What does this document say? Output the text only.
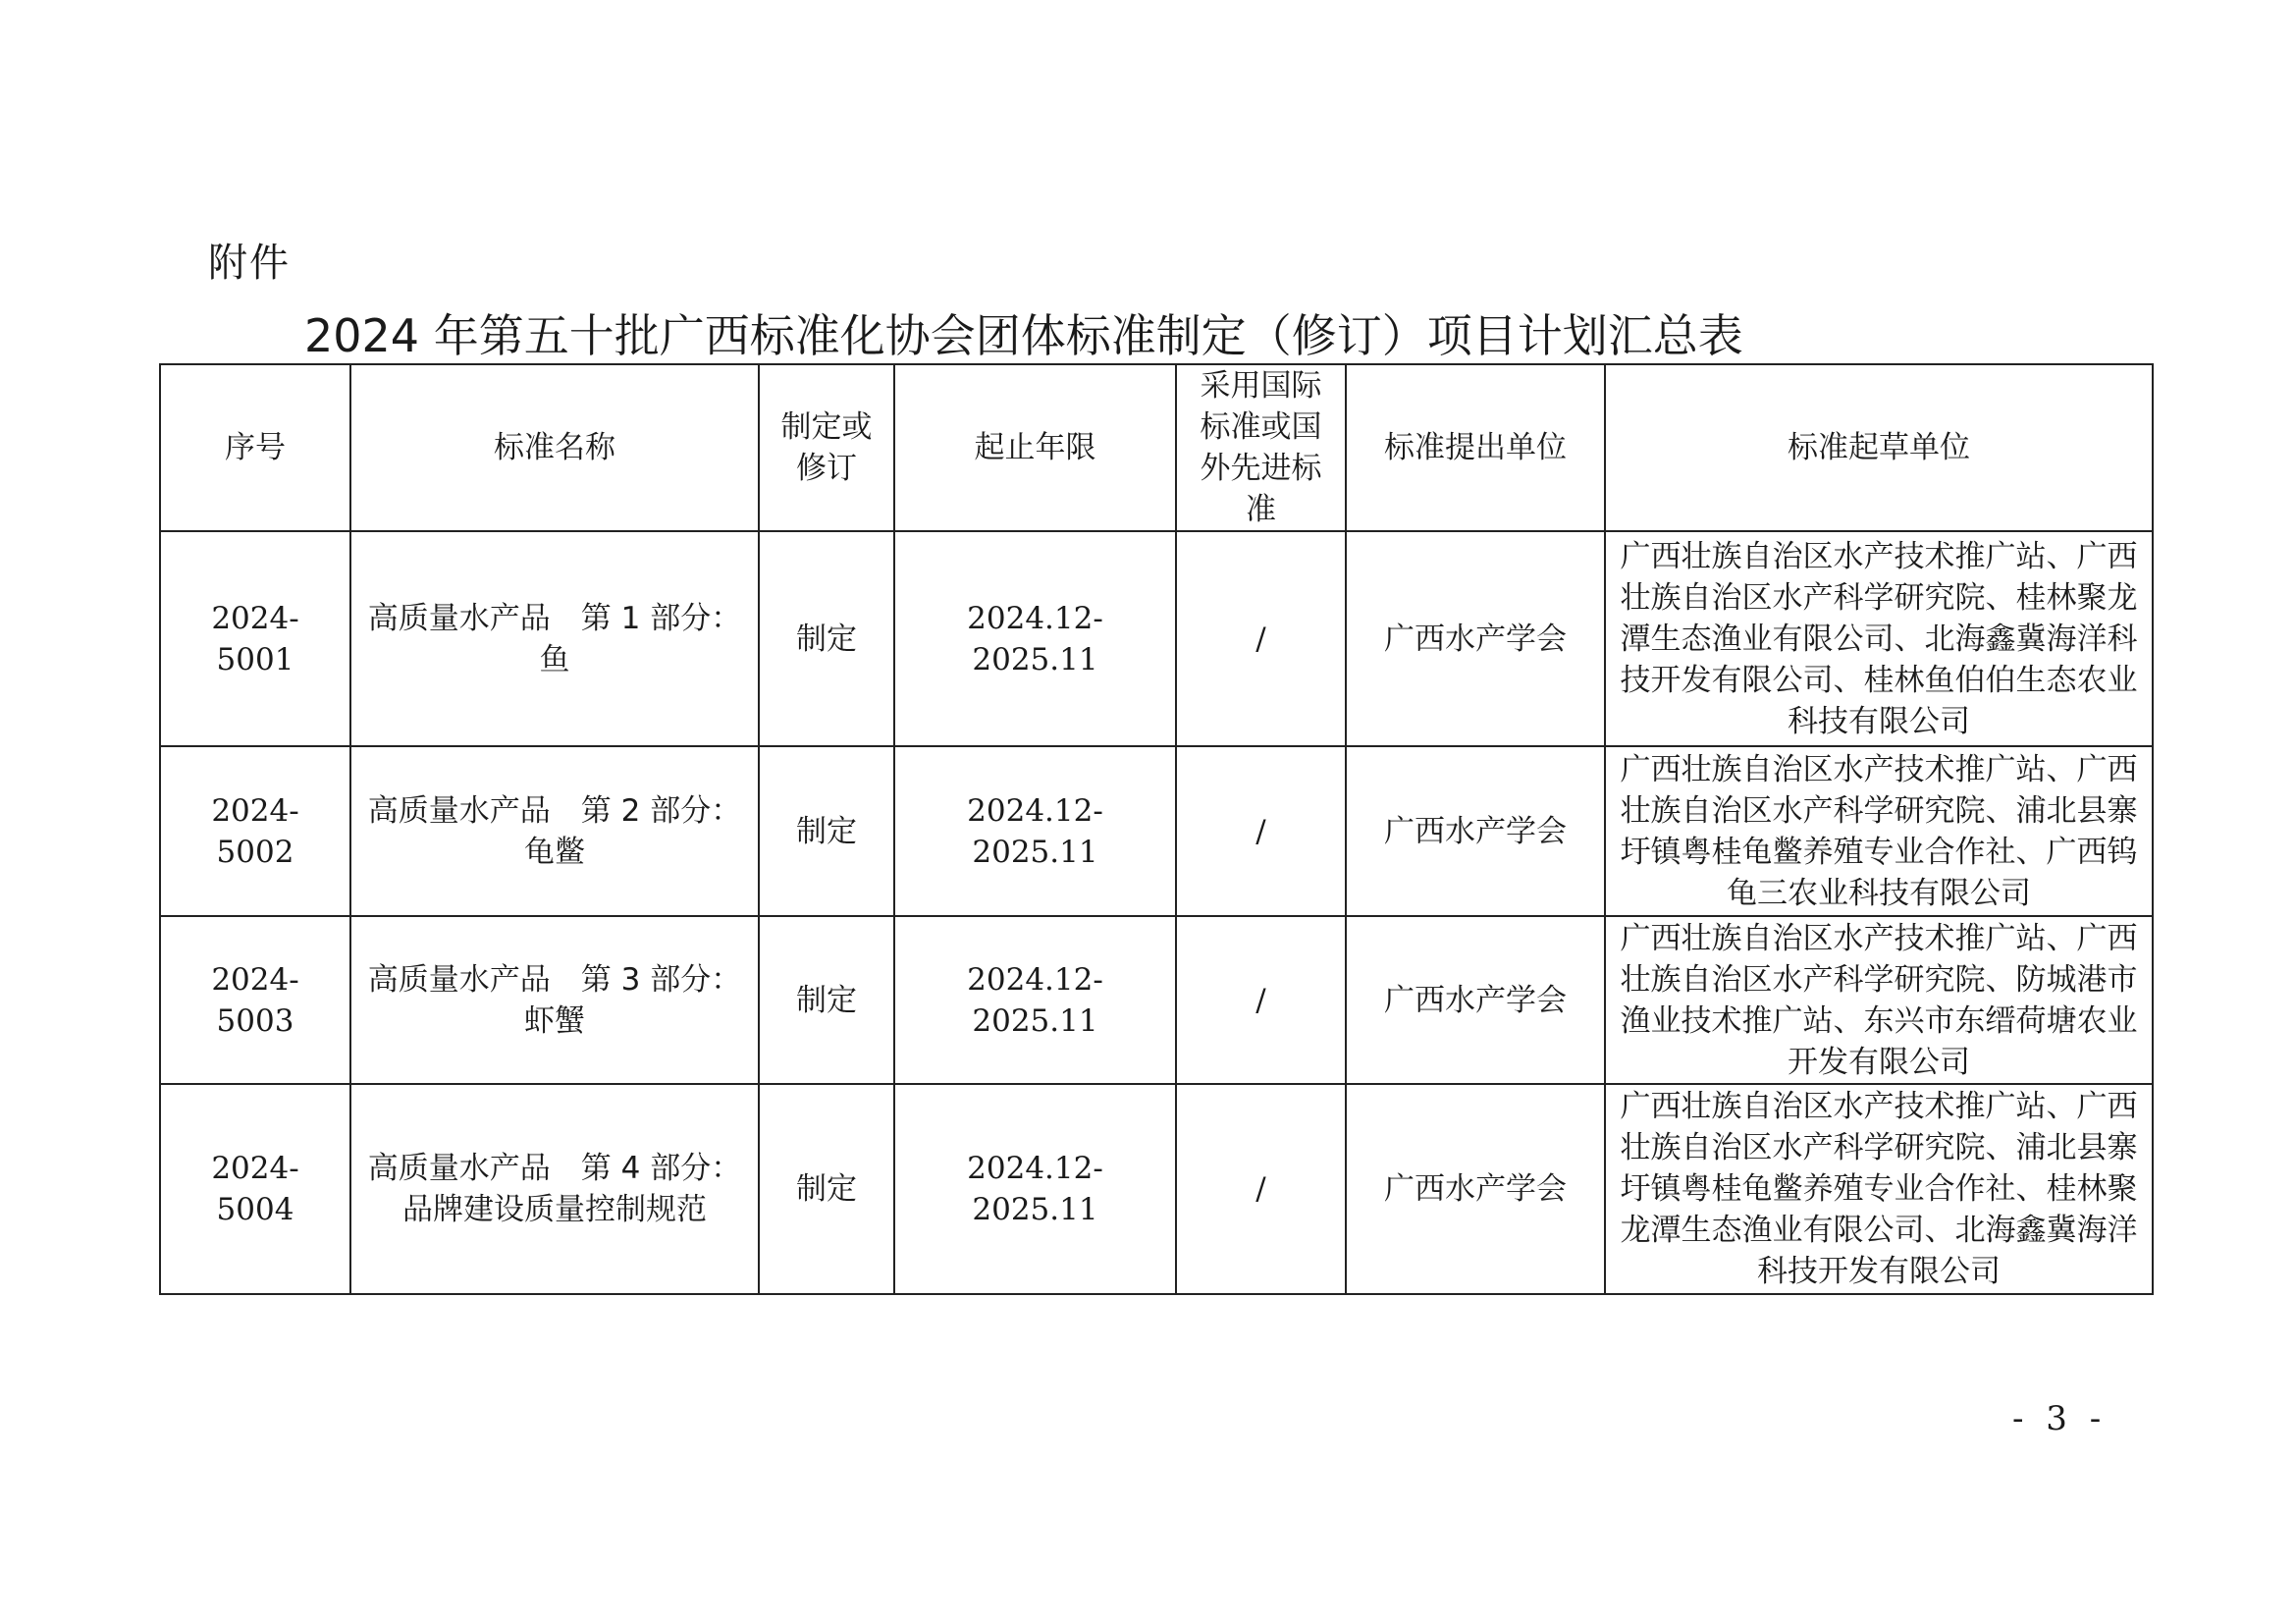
附件
2024 年第五十批广西标准化协会团体标准制定（修订）项目计划汇总表
序号	标准名称	制定或修订	起止年限	采用国际标准或国外先进标准	标准提出单位	标准起草单位
2024-5001	高质量水产品　第 1 部分：鱼	制定	2024.12-2025.11	/	广西水产学会	广西壮族自治区水产技术推广站、广西壮族自治区水产科学研究院、桂林聚龙潭生态渔业有限公司、北海鑫冀海洋科技开发有限公司、桂林鱼伯伯生态农业科技有限公司
2024-5002	高质量水产品　第 2 部分：龟鳖	制定	2024.12-2025.11	/	广西水产学会	广西壮族自治区水产技术推广站、广西壮族自治区水产科学研究院、浦北县寨圩镇粤桂龟鳖养殖专业合作社、广西钨龟三农业科技有限公司
2024-5003	高质量水产品　第 3 部分：虾蟹	制定	2024.12-2025.11	/	广西水产学会	广西壮族自治区水产技术推广站、广西壮族自治区水产科学研究院、防城港市渔业技术推广站、东兴市东缙荷塘农业开发有限公司
2024-5004	高质量水产品　第 4 部分：品牌建设质量控制规范	制定	2024.12-2025.11	/	广西水产学会	广西壮族自治区水产技术推广站、广西壮族自治区水产科学研究院、浦北县寨圩镇粤桂龟鳖养殖专业合作社、桂林聚龙潭生态渔业有限公司、北海鑫冀海洋科技开发有限公司
- 3 -
